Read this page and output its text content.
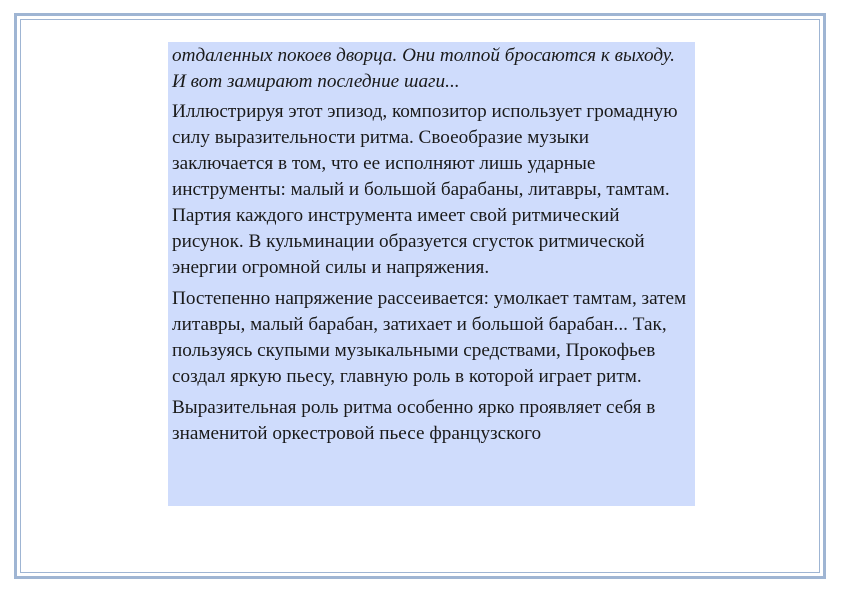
отдаленных покоев дворца. Они толпой бросаются к выходу. И вот замирают последние шаги...

Иллюстрируя этот эпизод, композитор использует громадную силу выразительности ритма. Своеобразие музыки заключается в том, что ее исполняют лишь ударные инструменты: малый и большой барабаны, литавры, тамтам. Партия каждого инструмента имеет свой ритмический рисунок. В кульминации образуется сгусток ритмической энергии огромной силы и напряжения.

Постепенно напряжение рассеивается: умолкает тамтам, затем литавры, малый барабан, затихает и большой барабан... Так, пользуясь скупыми музыкальными средствами, Прокофьев создал яркую пьесу, главную роль в которой играет ритм.

Выразительная роль ритма особенно ярко проявляет себя в знаменитой оркестровой пьесе французского
